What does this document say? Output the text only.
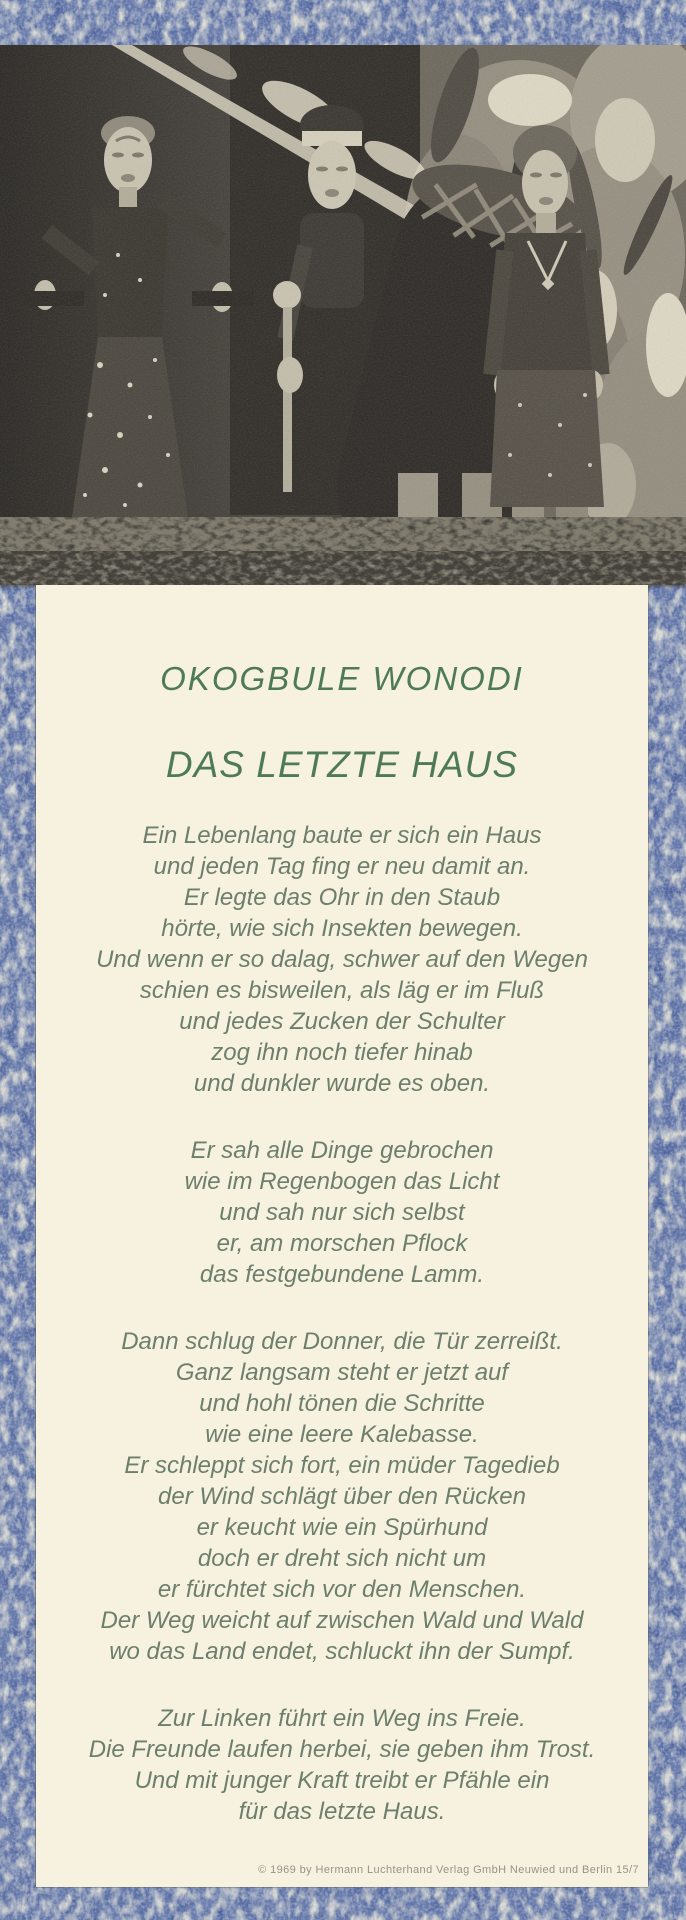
OKOGBULE WONODI
DAS LETZTE HAUS
Ein Lebenlang baute er sich ein Haus
und jeden Tag fing er neu damit an.
Er legte das Ohr in den Staub
hörte, wie sich Insekten bewegen.
Und wenn er so dalag, schwer auf den Wegen
schien es bisweilen, als läg er im Fluß
und jedes Zucken der Schulter
zog ihn noch tiefer hinab
und dunkler wurde es oben.
Er sah alle Dinge gebrochen
wie im Regenbogen das Licht
und sah nur sich selbst
er, am morschen Pflock
das festgebundene Lamm.
Dann schlug der Donner, die Tür zerreißt.
Ganz langsam steht er jetzt auf
und hohl tönen die Schritte
wie eine leere Kalebasse.
Er schleppt sich fort, ein müder Tagedieb
der Wind schlägt über den Rücken
er keucht wie ein Spürhund
doch er dreht sich nicht um
er fürchtet sich vor den Menschen.
Der Weg weicht auf zwischen Wald und Wald
wo das Land endet, schluckt ihn der Sumpf.
Zur Linken führt ein Weg ins Freie.
Die Freunde laufen herbei, sie geben ihm Trost.
Und mit junger Kraft treibt er Pfähle ein
für das letzte Haus.
© 1969 by Hermann Luchterhand Verlag GmbH Neuwied und Berlin 15/7
